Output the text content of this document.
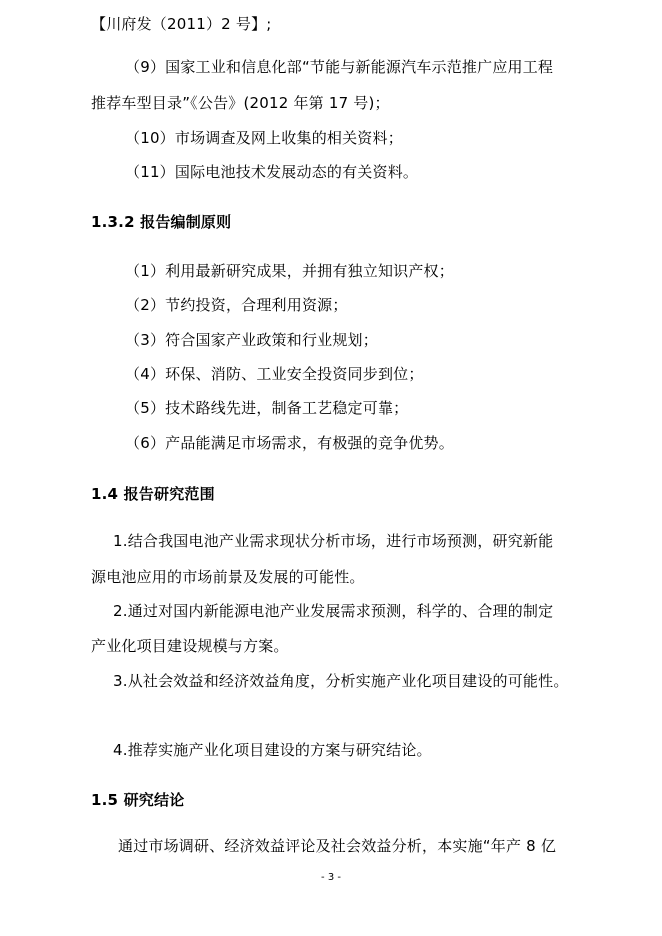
【川府发（2011）2 号】;
（9）国家工业和信息化部“节能与新能源汽车示范推广应用工程
推荐车型目录”《公告》(2012 年第 17 号)；
（10）市场调查及网上收集的相关资料；
（11）国际电池技术发展动态的有关资料。
1.3.2 报告编制原则
（1）利用最新研究成果，并拥有独立知识产权；
（2）节约投资，合理利用资源；
（3）符合国家产业政策和行业规划；
（4）环保、消防、工业安全投资同步到位；
（5）技术路线先进，制备工艺稳定可靠；
（6）产品能满足市场需求，有极强的竞争优势。
1.4 报告研究范围
1.结合我国电池产业需求现状分析市场，进行市场预测，研究新能
源电池应用的市场前景及发展的可能性。
2.通过对国内新能源电池产业发展需求预测，科学的、合理的制定
产业化项目建设规模与方案。
3.从社会效益和经济效益角度，分析实施产业化项目建设的可能性。
4.推荐实施产业化项目建设的方案与研究结论。
1.5 研究结论
通过市场调研、经济效益评论及社会效益分析，本实施“年产 8 亿
- 3 -
